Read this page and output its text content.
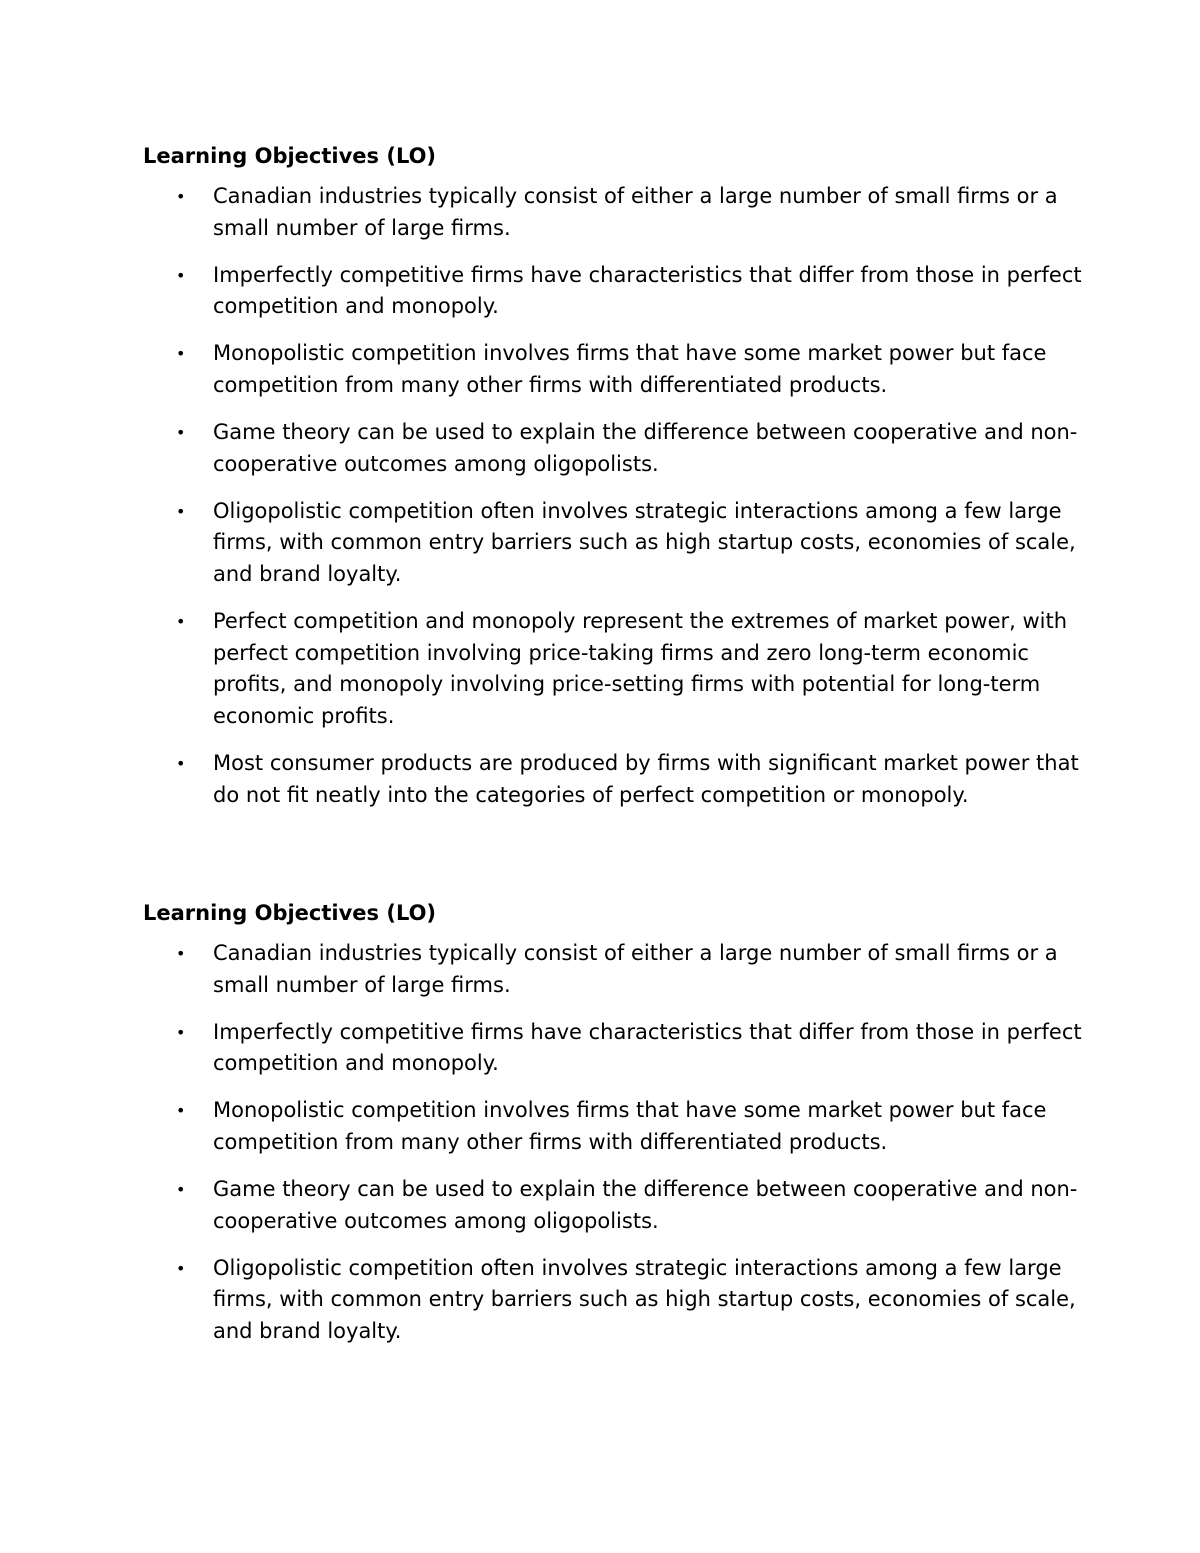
Learning Objectives (LO)
• Canadian industries typically consist of either a large number of small firms or a small number of large firms.
• Imperfectly competitive firms have characteristics that differ from those in perfect competition and monopoly.
• Monopolistic competition involves firms that have some market power but face competition from many other firms with differentiated products.
• Game theory can be used to explain the difference between cooperative and non-cooperative outcomes among oligopolists.
• Oligopolistic competition often involves strategic interactions among a few large firms, with common entry barriers such as high startup costs, economies of scale, and brand loyalty.
• Perfect competition and monopoly represent the extremes of market power, with perfect competition involving price-taking firms and zero long-term economic profits, and monopoly involving price-setting firms with potential for long-term economic profits.
• Most consumer products are produced by firms with significant market power that do not fit neatly into the categories of perfect competition or monopoly.
Learning Objectives (LO)
• Canadian industries typically consist of either a large number of small firms or a small number of large firms.
• Imperfectly competitive firms have characteristics that differ from those in perfect competition and monopoly.
• Monopolistic competition involves firms that have some market power but face competition from many other firms with differentiated products.
• Game theory can be used to explain the difference between cooperative and non-cooperative outcomes among oligopolists.
• Oligopolistic competition often involves strategic interactions among a few large firms, with common entry barriers such as high startup costs, economies of scale, and brand loyalty.
